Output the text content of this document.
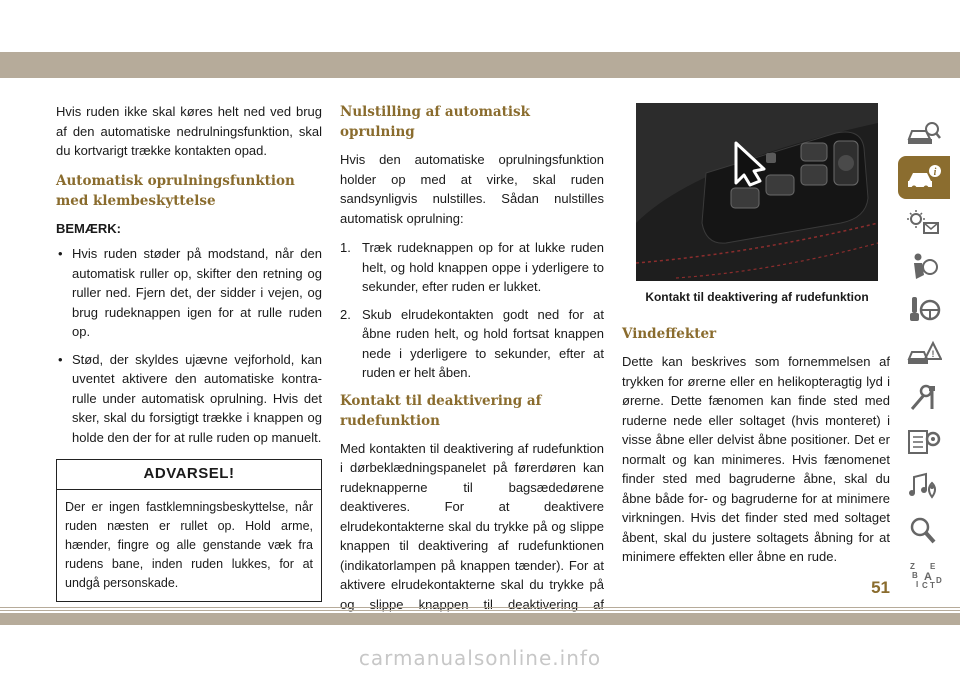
Hvis ruden ikke skal køres helt ned ved brug af den automatiske nedrulningsfunktion, skal du kortvarigt trække kontakten opad.

Automatisk oprulningsfunktion med klembeskyttelse
BEMÆRK:
• Hvis ruden støder på modstand, når den automatisk ruller op, skifter den retning og ruller ned. Fjern det, der sidder i vejen, og brug rudeknappen igen for at rulle ruden op.
• Stød, der skyldes ujævne vejforhold, kan uventet aktivere den automatiske kontra-rulle under automatisk oprulning. Hvis det sker, skal du forsigtigt trække i knappen og holde den der for at rulle ruden op manuelt.
ADVARSEL!
Der er ingen fastklemningsbeskyttelse, når ruden næsten er rullet op. Hold arme, hænder, fingre og alle genstande væk fra rudens bane, inden ruden lukkes, for at undgå personskade.
Nulstilling af automatisk oprulning

Hvis den automatiske oprulningsfunktion holder op med at virke, skal ruden sandsynligvis nulstilles. Sådan nulstilles automatisk oprulning:

1. Træk rudeknappen op for at lukke ruden helt, og hold knappen oppe i yderligere to sekunder, efter ruden er lukket.
2. Skub elrudekontakten godt ned for at åbne ruden helt, og hold fortsat knappen nede i yderligere to sekunder, efter at ruden er helt åben.
Kontakt til deaktivering af rudefunktion

Med kontakten til deaktivering af rudefunktion i dørbeklædningspanelet på førerdøren kan rudeknapperne til bagsædedørene deaktiveres. For at deaktivere elrudekontakterne skal du trykke på og slippe knappen til deaktivering af rudefunktionen (indikatorlampen på knappen tænder). For at aktivere elrudekontakterne skal du trykke på og slippe knappen til deaktivering af

Kontakt til deaktivering af rudefunktion
Vindeffekter

Dette kan beskrives som fornemmelsen af trykken for ørerne eller en helikopteragtig lyd i ørerne. Dette fænomen kan finde sted med ruderne nede eller soltaget (hvis monteret) i visse åbne eller delvist åbne positioner. Det er normalt og kan minimeres. Hvis fænomenet finder sted med bagruderne åbne, skal du åbne både for- og bagruderne for at minimere virkningen. Hvis det finder sted med soltaget åbent, skal du justere soltagets åbning for at minimere effekten eller åbne en rude.

i
!
Z E
B A
I C T
D
51
carmanualsonline.info
